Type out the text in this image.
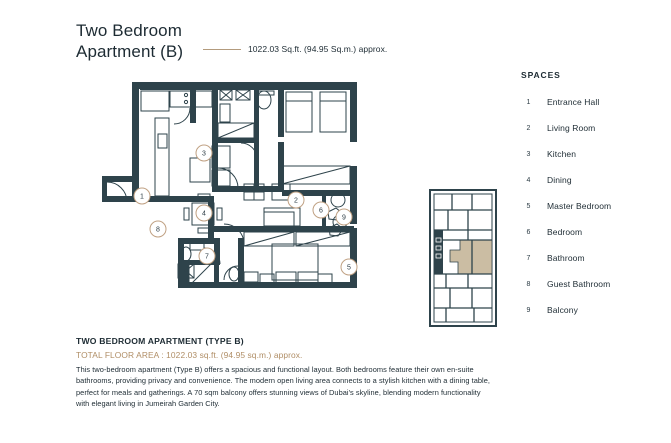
Two Bedroom
Apartment (B)	1022.03 Sq.ft. (94.95 Sq.m.) approx.
1
2
3
4
5
6
7
8
9
SPACES
1	Entrance Hall
2	Living Room
3	Kitchen
4	Dining
5	Master Bedroom
6	Bedroom
7	Bathroom
8	Guest Bathroom
9	Balcony
TWO BEDROOM APARTMENT (TYPE B)
TOTAL FLOOR AREA : 1022.03 sq.ft. (94.95 sq.m.) approx.
This two-bedroom apartment (Type B) offers a spacious and functional layout. Both bedrooms feature their own en-suite bathrooms, providing privacy and convenience. The modern open living area connects to a stylish kitchen with a dining table, perfect for meals and gatherings. A 70 sqm balcony offers stunning views of Dubai's skyline, blending modern functionality with elegant living in Jumeirah Garden City.
